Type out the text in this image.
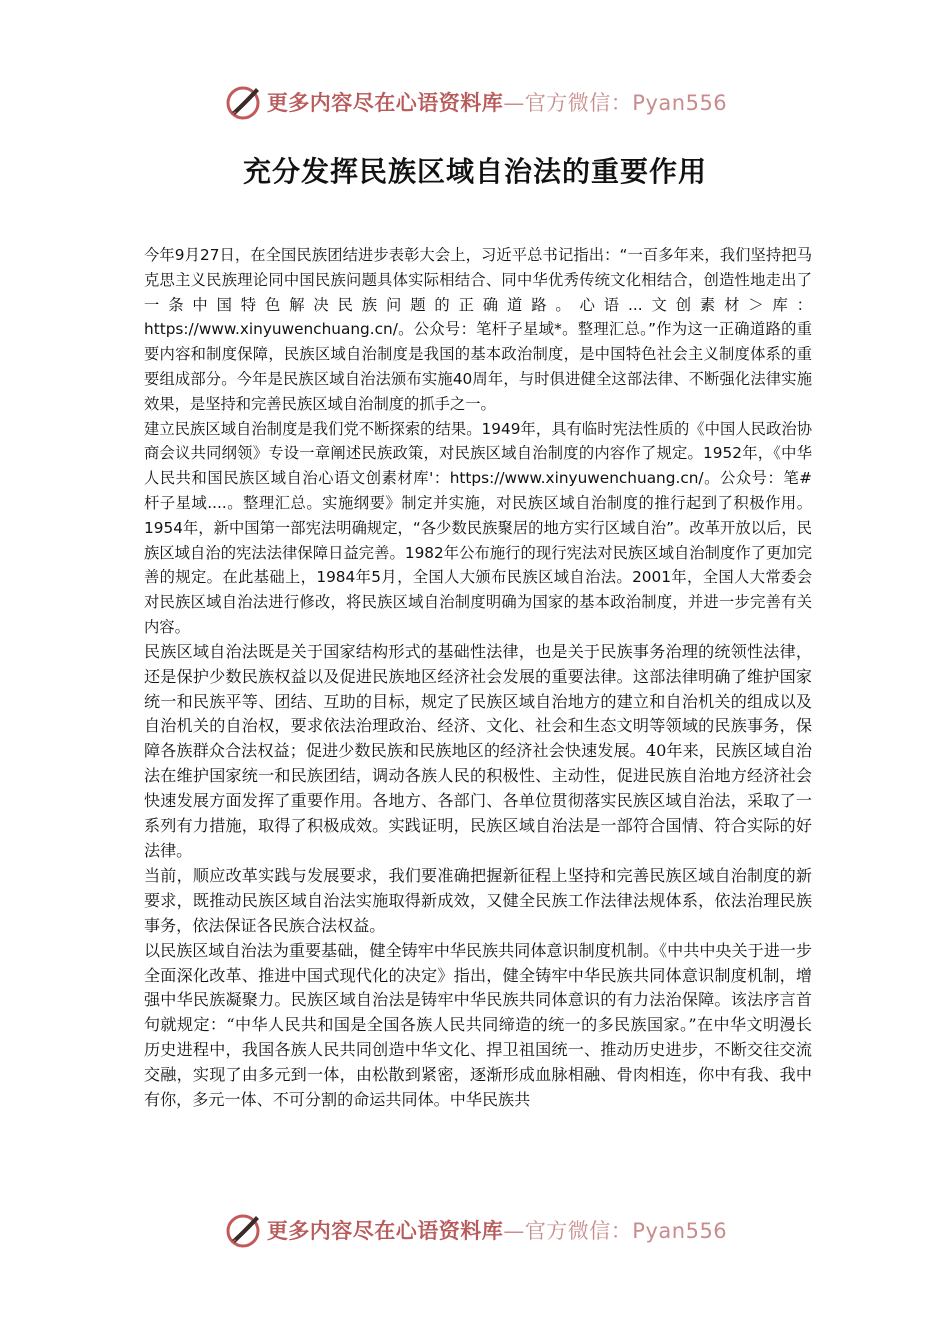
更多内容尽在心语资料库—官方微信：Pyan556
充分发挥民族区域自治法的重要作用

今年9月27日，在全国民族团结进步表彰大会上，习近平总书记指出：“一百多年来，我们坚持把马克思主义民族理论同中国民族问题具体实际相结合、同中华优秀传统文化相结合，创造性地走出了一条中国特色解决民族问题的正确道路。心语...文创素材＞库：https://www.xinyuwenchuang.cn/。公众号：笔杆子星域*。整理汇总。”作为这一正确道路的重要内容和制度保障，民族区域自治制度是我国的基本政治制度，是中国特色社会主义制度体系的重要组成部分。今年是民族区域自治法颁布实施40周年，与时俱进健全这部法律、不断强化法律实施效果，是坚持和完善民族区域自治制度的抓手之一。

建立民族区域自治制度是我们党不断探索的结果。1949年，具有临时宪法性质的《中国人民政治协商会议共同纲领》专设一章阐述民族政策，对民族区域自治制度的内容作了规定。1952年，《中华人民共和国民族区域自治心语文创素材库'：https://www.xinyuwenchuang.cn/。公众号：笔#杆子星域....。整理汇总。实施纲要》制定并实施，对民族区域自治制度的推行起到了积极作用。1954年，新中国第一部宪法明确规定，“各少数民族聚居的地方实行区域自治”。改革开放以后，民族区域自治的宪法法律保障日益完善。1982年公布施行的现行宪法对民族区域自治制度作了更加完善的规定。在此基础上，1984年5月，全国人大颁布民族区域自治法。2001年，全国人大常委会对民族区域自治法进行修改，将民族区域自治制度明确为国家的基本政治制度，并进一步完善有关内容。

民族区域自治法既是关于国家结构形式的基础性法律，也是关于民族事务治理的统领性法律，还是保护少数民族权益以及促进民族地区经济社会发展的重要法律。这部法律明确了维护国家统一和民族平等、团结、互助的目标，规定了民族区域自治地方的建立和自治机关的组成以及自治机关的自治权，要求依法治理政治、经济、文化、社会和生态文明等领域的民族事务，保障各族群众合法权益；促进少数民族和民族地区的经济社会快速发展。40年来，民族区域自治法在维护国家统一和民族团结，调动各族人民的积极性、主动性，促进民族自治地方经济社会快速发展方面发挥了重要作用。各地方、各部门、各单位贯彻落实民族区域自治法，采取了一系列有力措施，取得了积极成效。实践证明，民族区域自治法是一部符合国情、符合实际的好法律。

当前，顺应改革实践与发展要求，我们要准确把握新征程上坚持和完善民族区域自治制度的新要求，既推动民族区域自治法实施取得新成效，又健全民族工作法律法规体系，依法治理民族事务，依法保证各民族合法权益。

以民族区域自治法为重要基础，健全铸牢中华民族共同体意识制度机制。《中共中央关于进一步全面深化改革、推进中国式现代化的决定》指出，健全铸牢中华民族共同体意识制度机制，增强中华民族凝聚力。民族区域自治法是铸牢中华民族共同体意识的有力法治保障。该法序言首句就规定：“中华人民共和国是全国各族人民共同缔造的统一的多民族国家。”在中华文明漫长历史进程中，我国各族人民共同创造中华文化、捍卫祖国统一、推动历史进步，不断交往交流交融，实现了由多元到一体，由松散到紧密，逐渐形成血脉相融、骨肉相连，你中有我、我中有你，多元一体、不可分割的命运共同体。中华民族共

更多内容尽在心语资料库—官方微信：Pyan556
